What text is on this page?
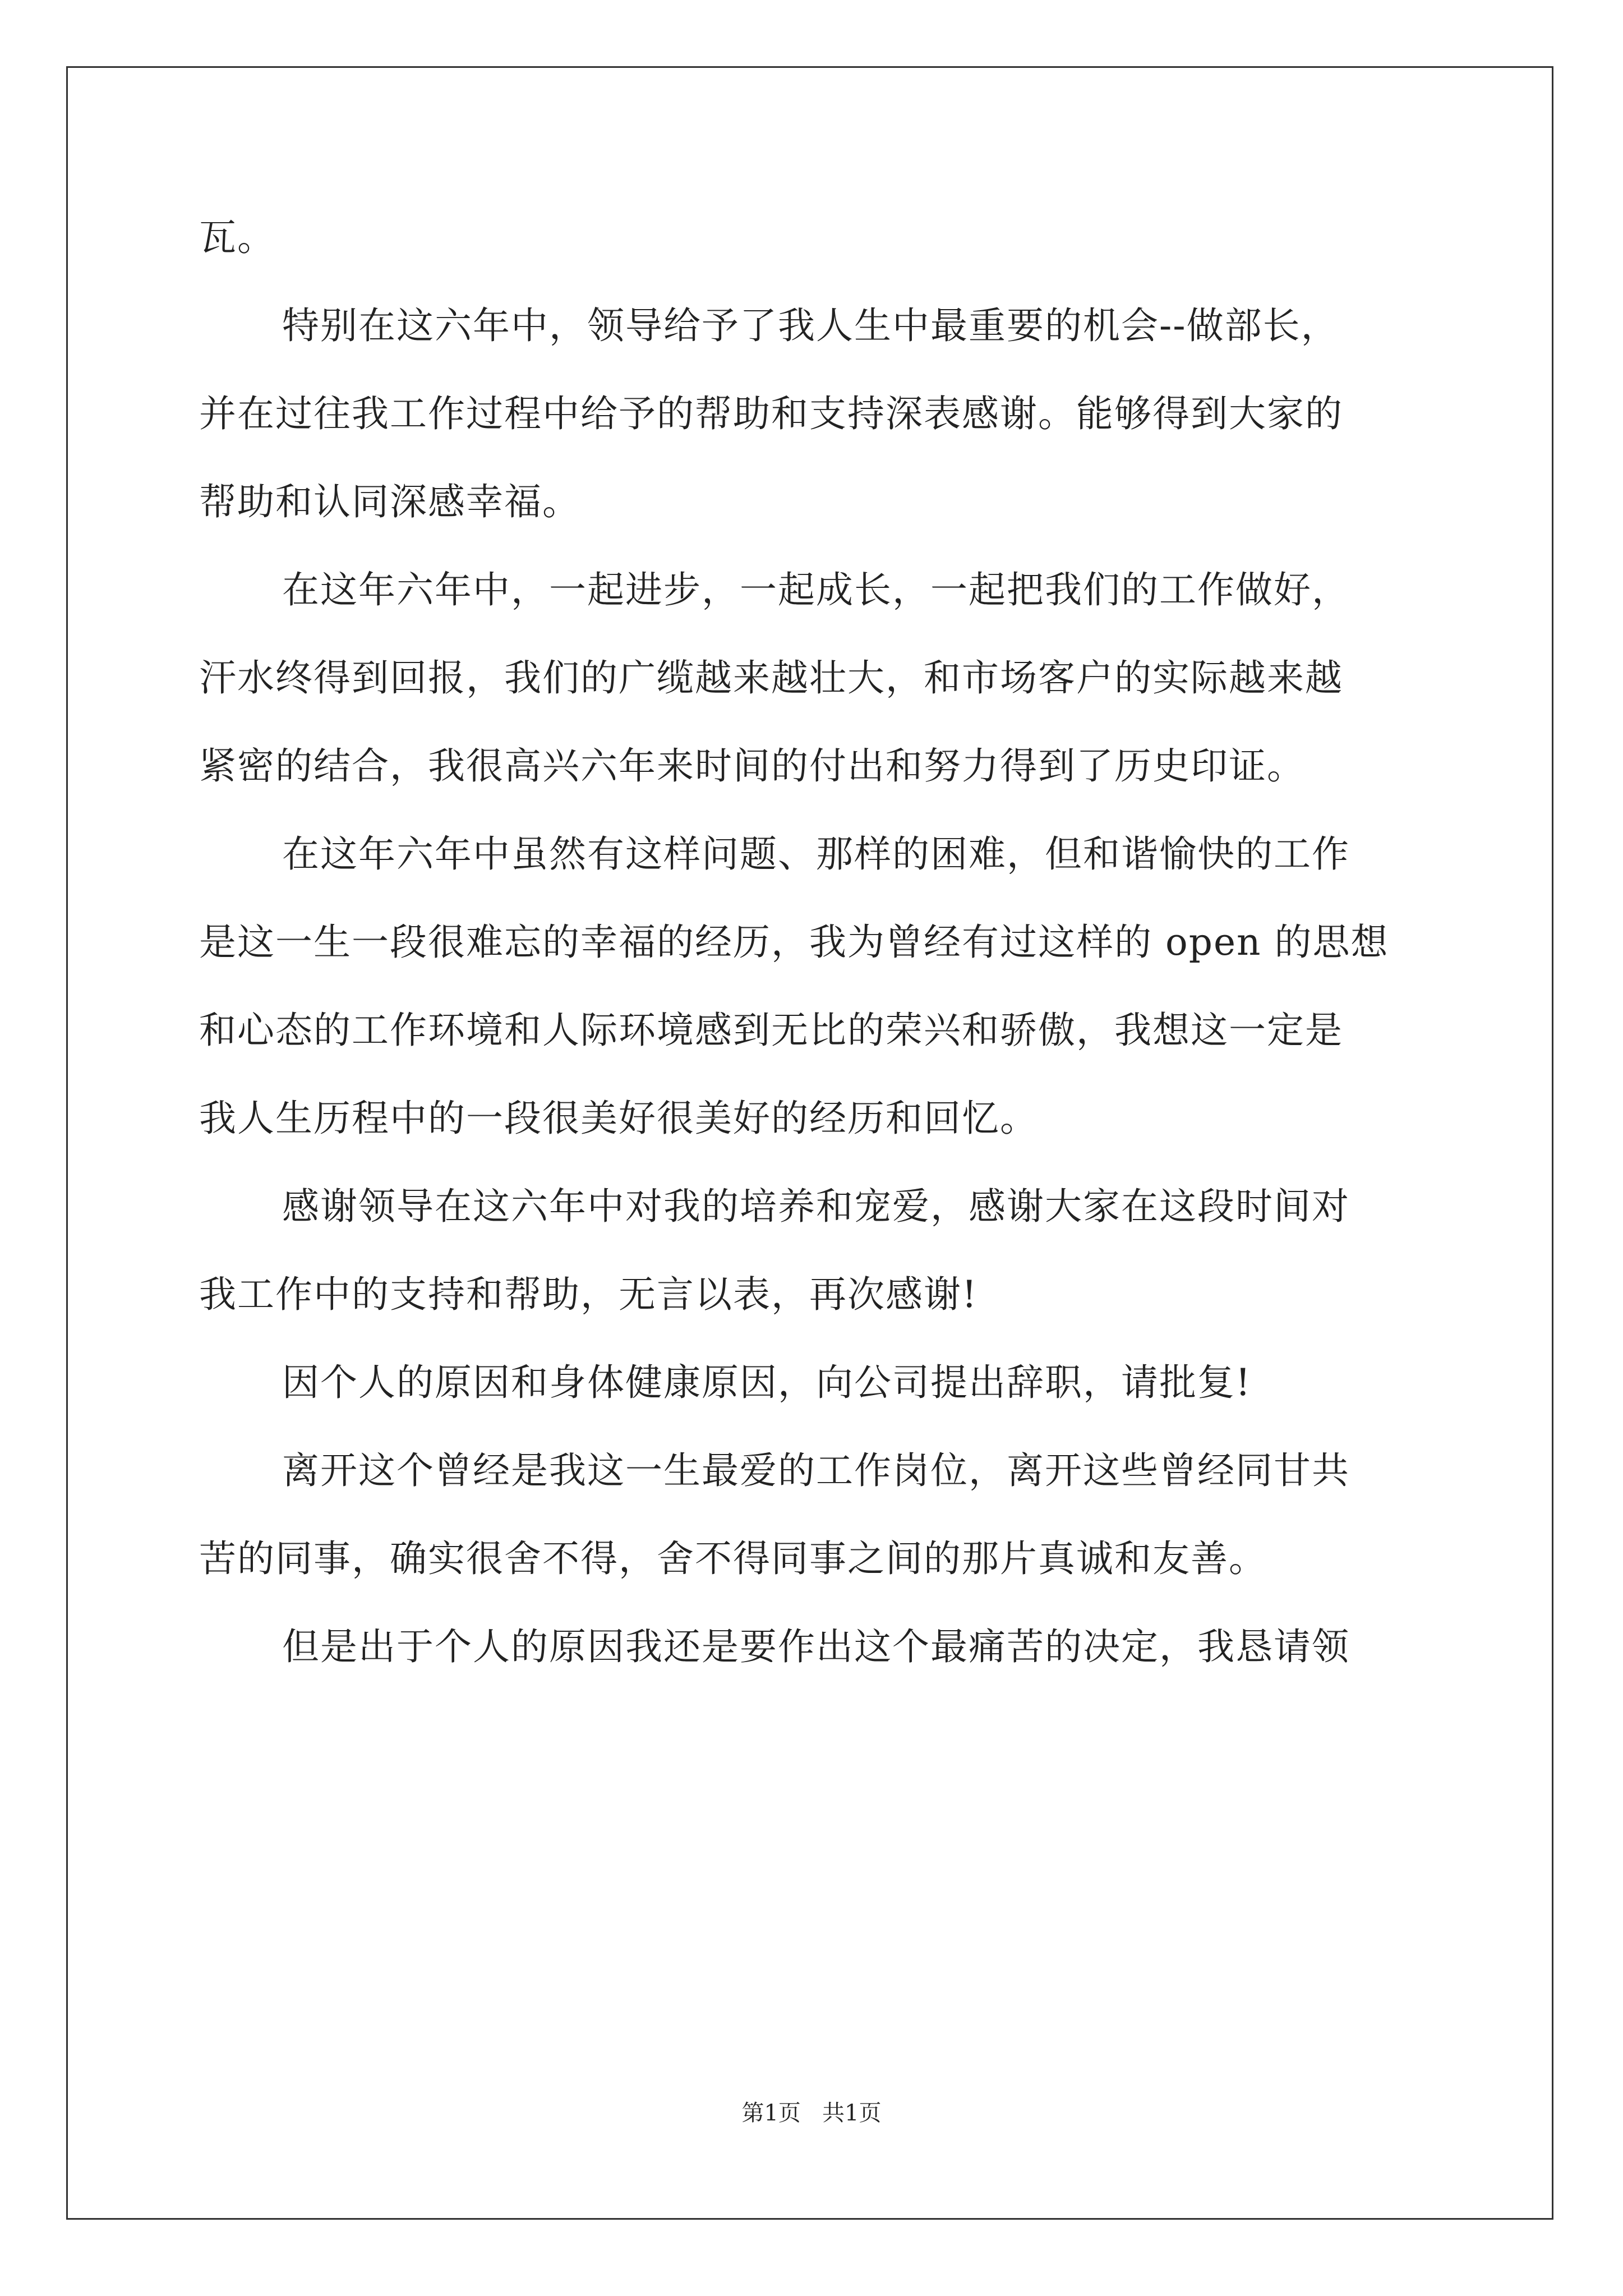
瓦。
特别在这六年中，领导给予了我人生中最重要的机会--做部长，
并在过往我工作过程中给予的帮助和支持深表感谢。能够得到大家的
帮助和认同深感幸福。
在这年六年中，一起进步，一起成长，一起把我们的工作做好，
汗水终得到回报，我们的广缆越来越壮大，和市场客户的实际越来越
紧密的结合，我很高兴六年来时间的付出和努力得到了历史印证。
在这年六年中虽然有这样问题、那样的困难，但和谐愉快的工作
是这一生一段很难忘的幸福的经历，我为曾经有过这样的 open 的思想
和心态的工作环境和人际环境感到无比的荣兴和骄傲，我想这一定是
我人生历程中的一段很美好很美好的经历和回忆。
感谢领导在这六年中对我的培养和宠爱，感谢大家在这段时间对
我工作中的支持和帮助，无言以表，再次感谢!
因个人的原因和身体健康原因，向公司提出辞职，请批复!
离开这个曾经是我这一生最爱的工作岗位，离开这些曾经同甘共
苦的同事，确实很舍不得，舍不得同事之间的那片真诚和友善。
但是出于个人的原因我还是要作出这个最痛苦的决定，我恳请领
第1页   共1页
